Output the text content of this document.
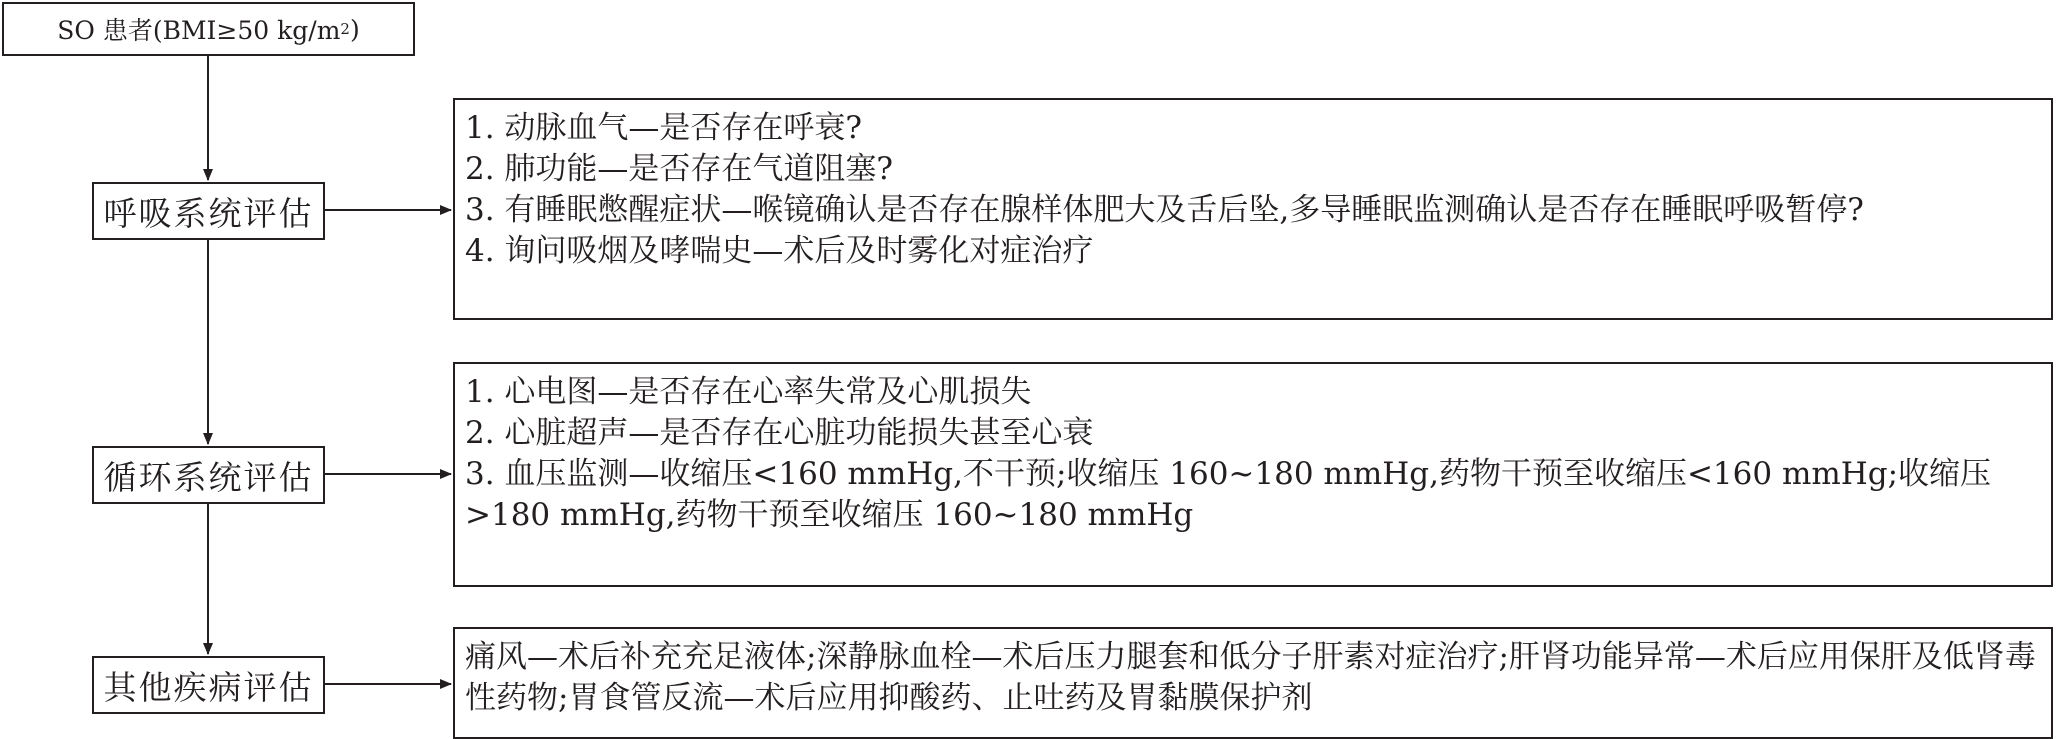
SO 患者(BMI≥50 kg/m 2 )
呼吸系统评估
1. 动脉血气—是否存在呼衰?
2. 肺功能—是否存在气道阻塞?
3. 有睡眠憋醒症状—喉镜确认是否存在腺样体肥大及舌后坠,多导睡眠监测确认是否存在睡眠呼吸暂停?
4. 询问吸烟及哮喘史—术后及时雾化对症治疗
循环系统评估
1. 心电图—是否存在心率失常及心肌损失
2. 心脏超声—是否存在心脏功能损失甚至心衰
3. 血压监测—收缩压<160 mmHg,不干预;收缩压 160~180 mmHg,药物干预至收缩压<160 mmHg;收缩压>180 mmHg,药物干预至收缩压 160~180 mmHg
其他疾病评估
痛风—术后补充充足液体;深静脉血栓—术后压力腿套和低分子肝素对症治疗;肝肾功能异常—术后应用保肝及低肾毒性药物;胃食管反流—术后应用抑酸药、止吐药及胃黏膜保护剂
